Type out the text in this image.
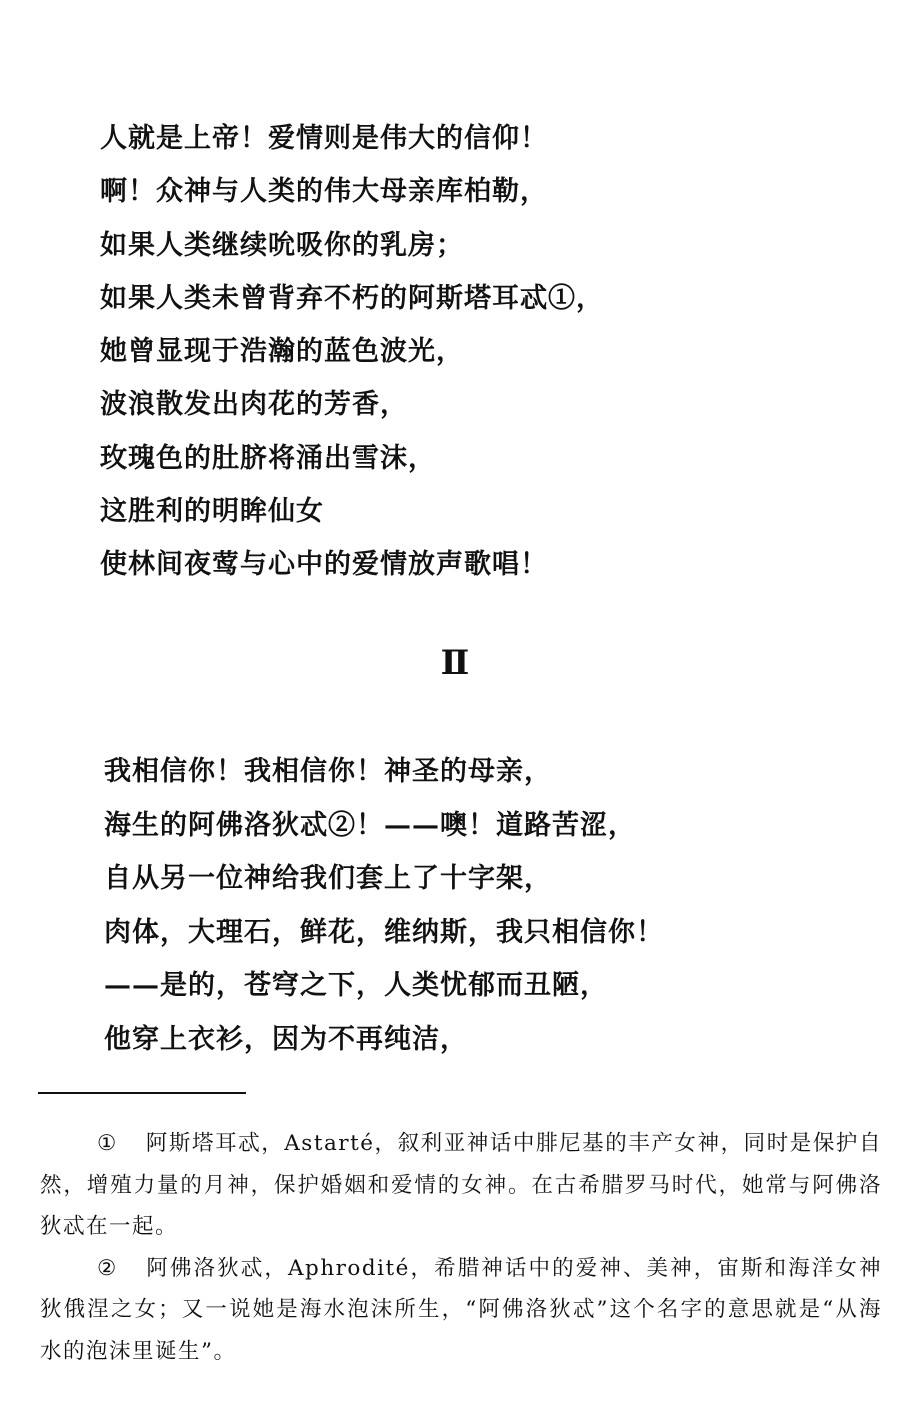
人就是上帝！爱情则是伟大的信仰！
啊！众神与人类的伟大母亲库柏勒，
如果人类继续吮吸你的乳房；
如果人类未曾背弃不朽的阿斯塔耳忒①，
她曾显现于浩瀚的蓝色波光，
波浪散发出肉花的芳香，
玫瑰色的肚脐将涌出雪沫，
这胜利的明眸仙女
使林间夜莺与心中的爱情放声歌唱！
Ⅱ
我相信你！我相信你！神圣的母亲，
海生的阿佛洛狄忒②！——噢！道路苦涩，
自从另一位神给我们套上了十字架，
肉体，大理石，鲜花，维纳斯，我只相信你！
——是的，苍穹之下，人类忧郁而丑陋，
他穿上衣衫，因为不再纯洁，
① 阿斯塔耳忒，Astarté，叙利亚神话中腓尼基的丰产女神，同时是保护自然，增殖力量的月神，保护婚姻和爱情的女神。在古希腊罗马时代，她常与阿佛洛狄忒在一起。
② 阿佛洛狄忒，Aphrodité，希腊神话中的爱神、美神，宙斯和海洋女神狄俄涅之女；又一说她是海水泡沫所生，“阿佛洛狄忒”这个名字的意思就是“从海水的泡沫里诞生”。
